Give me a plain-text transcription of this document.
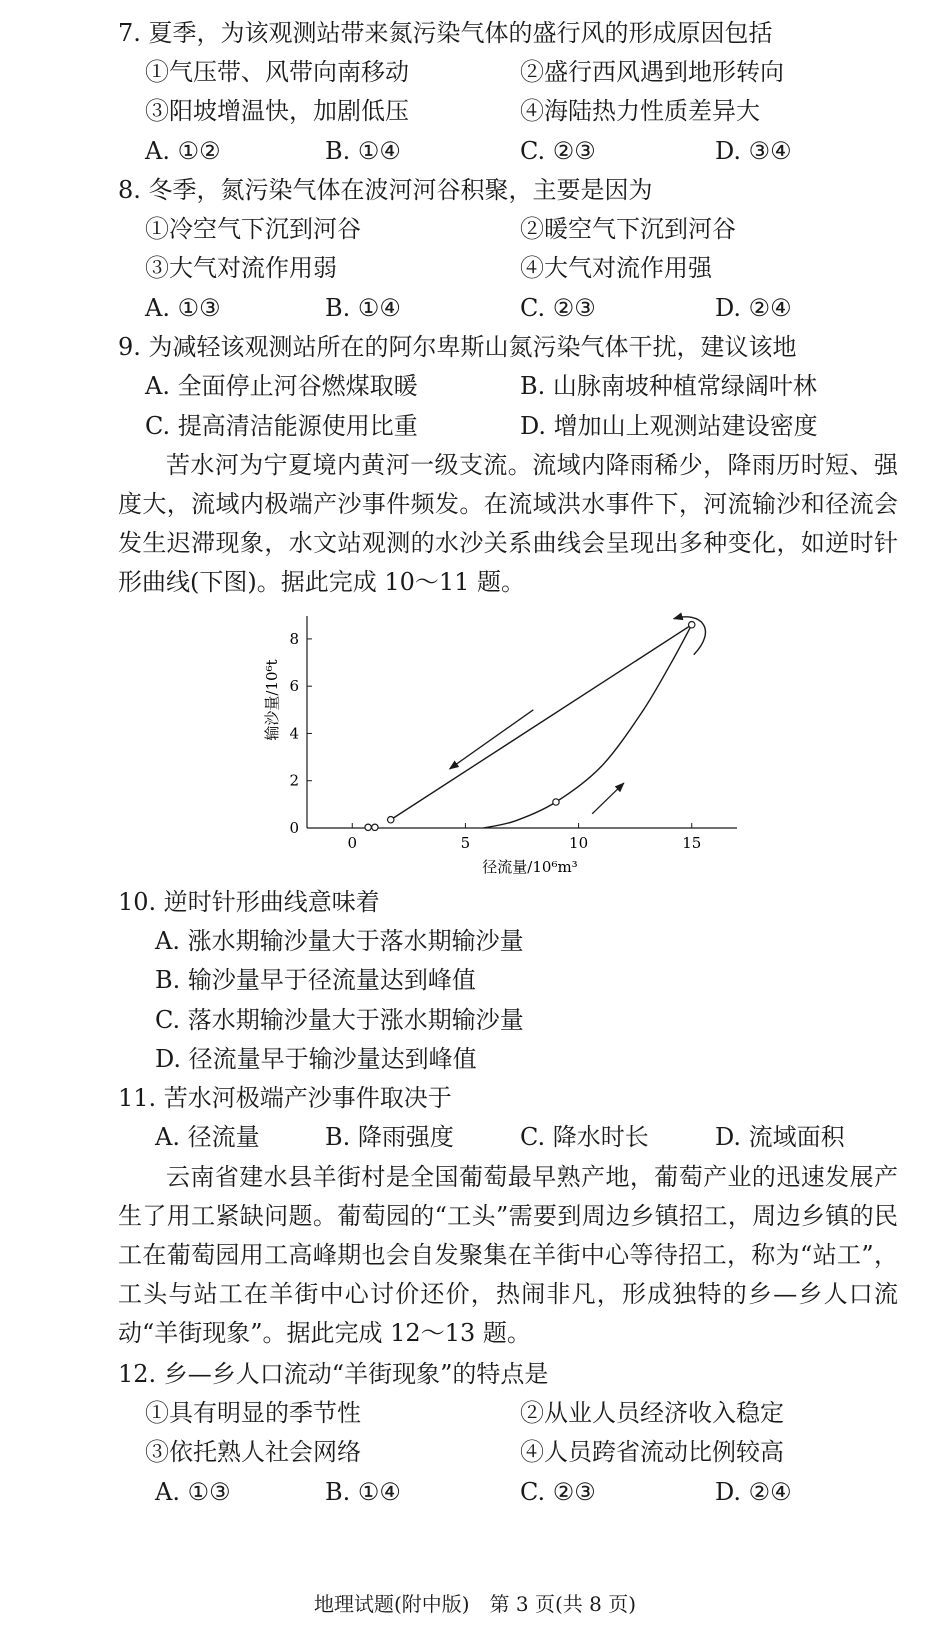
7. 夏季，为该观测站带来氮污染气体的盛行风的形成原因包括
①气压带、风带向南移动	②盛行西风遇到地形转向
③阳坡增温快，加剧低压	④海陆热力性质差异大
A. ①②	B. ①④	C. ②③	D. ③④
8. 冬季，氮污染气体在波河河谷积聚，主要是因为
①冷空气下沉到河谷	②暖空气下沉到河谷
③大气对流作用弱	④大气对流作用强
A. ①③	B. ①④	C. ②③	D. ②④
9. 为减轻该观测站所在的阿尔卑斯山氮污染气体干扰，建议该地
A. 全面停止河谷燃煤取暖	B. 山脉南坡种植常绿阔叶林
C. 提高清洁能源使用比重	D. 增加山上观测站建设密度

苦水河为宁夏境内黄河一级支流。流域内降雨稀少，降雨历时短、强度大，流域内极端产沙事件频发。在流域洪水事件下，河流输沙和径流会发生迟滞现象，水文站观测的水沙关系曲线会呈现出多种变化，如逆时针形曲线(下图)。据此完成 10～11 题。

0
2
4
6
8
0	5	10	15
径流量/10⁶m³
输沙量/10⁶t
10. 逆时针形曲线意味着
A. 涨水期输沙量大于落水期输沙量
B. 输沙量早于径流量达到峰值
C. 落水期输沙量大于涨水期输沙量
D. 径流量早于输沙量达到峰值
11. 苦水河极端产沙事件取决于
A. 径流量	B. 降雨强度	C. 降水时长	D. 流域面积

云南省建水县羊街村是全国葡萄最早熟产地，葡萄产业的迅速发展产生了用工紧缺问题。葡萄园的“工头”需要到周边乡镇招工，周边乡镇的民工在葡萄园用工高峰期也会自发聚集在羊街中心等待招工，称为“站工”，工头与站工在羊街中心讨价还价，热闹非凡，形成独特的乡—乡人口流动“羊街现象”。据此完成 12～13 题。

12. 乡—乡人口流动“羊街现象”的特点是
①具有明显的季节性	②从业人员经济收入稳定
③依托熟人社会网络	④人员跨省流动比例较高
A. ①③	B. ①④	C. ②③	D. ②④
地理试题(附中版)　第 3 页(共 8 页)
